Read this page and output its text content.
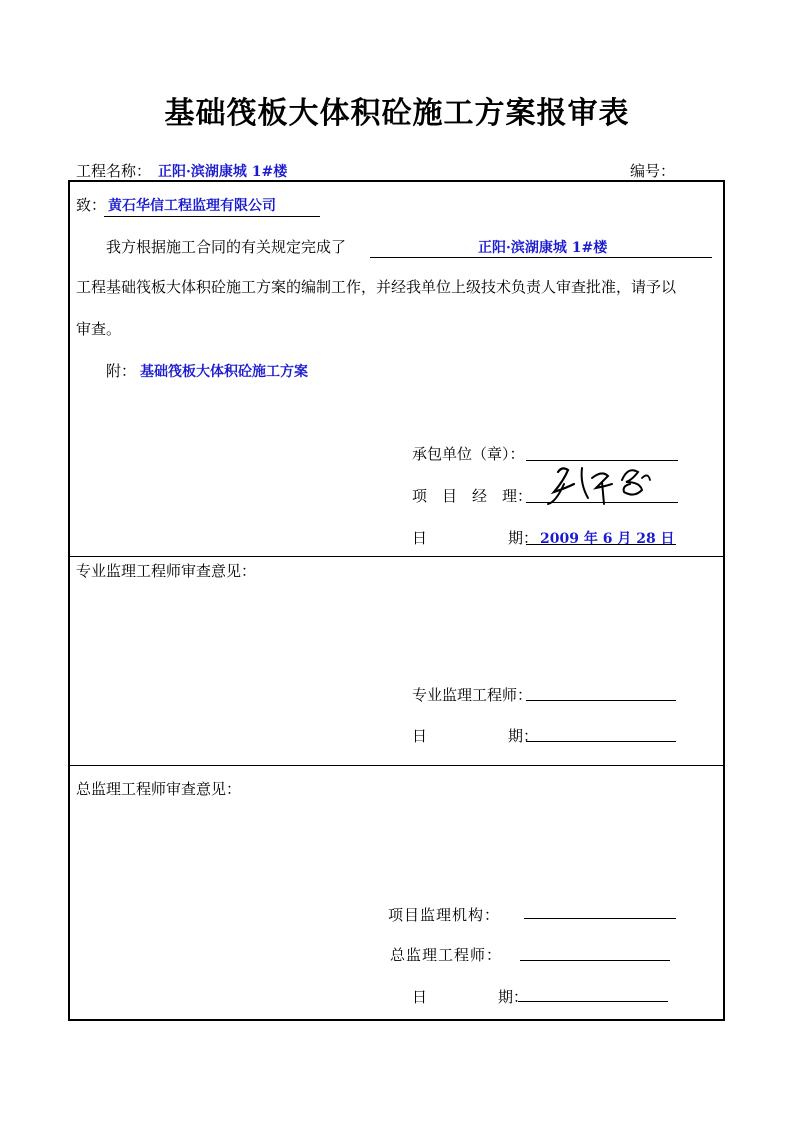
基础筏板大体积砼施工方案报审表
工程名称： 正阳·滨湖康城 1#楼	编号：
致： 黄石华信工程监理有限公司
我方根据施工合同的有关规定完成了	正阳·滨湖康城 1#楼
工程基础筏板大体积砼施工方案的编制工作，并经我单位上级技术负责人审查批准，请予以
审查。
附： 基础筏板大体积砼施工方案
承包单位（章）：
项　目　经　理：
日	期： 2009 年 6 月 28 日
专业监理工程师审查意见：
专业监理工程师：
日	期：
总监理工程师审查意见：
项目监理机构：
总监理工程师：
日	期：
